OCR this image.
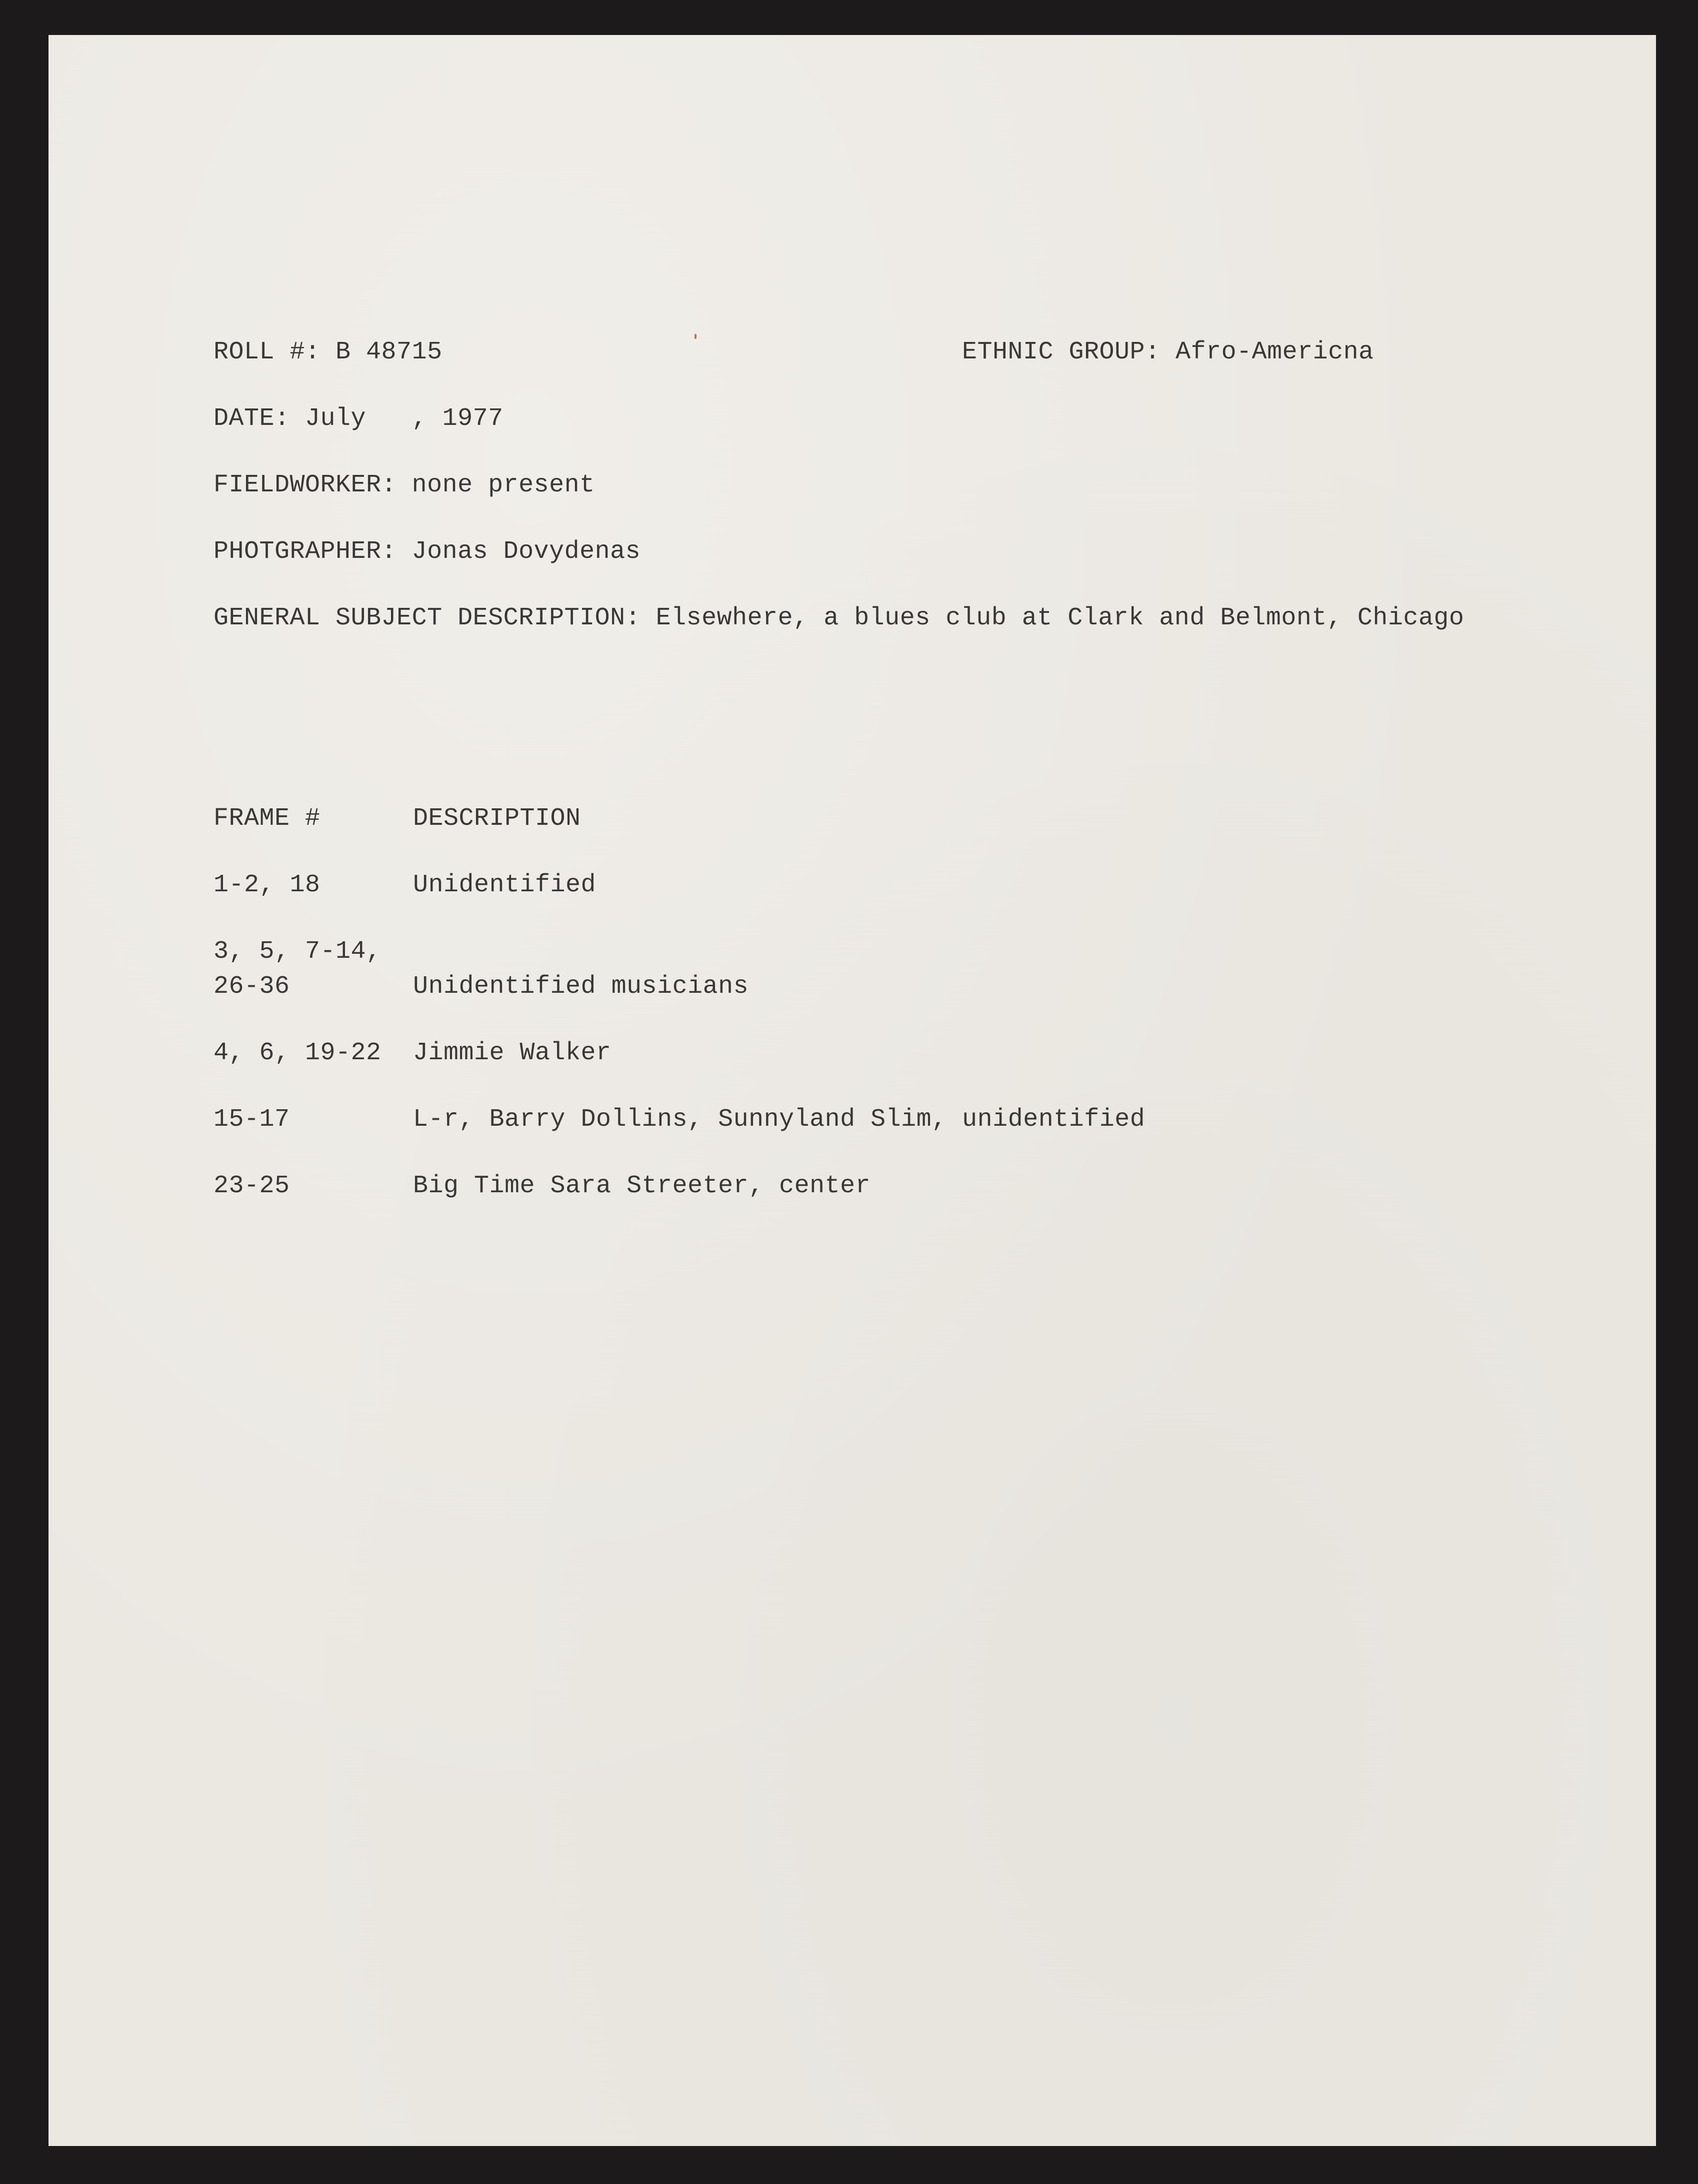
ROLL #: B 48715	ETHNIC GROUP: Afro-Americna
DATE: July   , 1977
FIELDWORKER: none present
PHOTGRAPHER: Jonas Dovydenas
GENERAL SUBJECT DESCRIPTION: Elsewhere, a blues club at Clark and Belmont, Chicago
FRAME #	DESCRIPTION
1-2, 18	Unidentified
3, 5, 7-14,
26-36	Unidentified musicians
4, 6, 19-22 Jimmie Walker
15-17	L-r, Barry Dollins, Sunnyland Slim, unidentified
23-25	Big Time Sara Streeter, center
